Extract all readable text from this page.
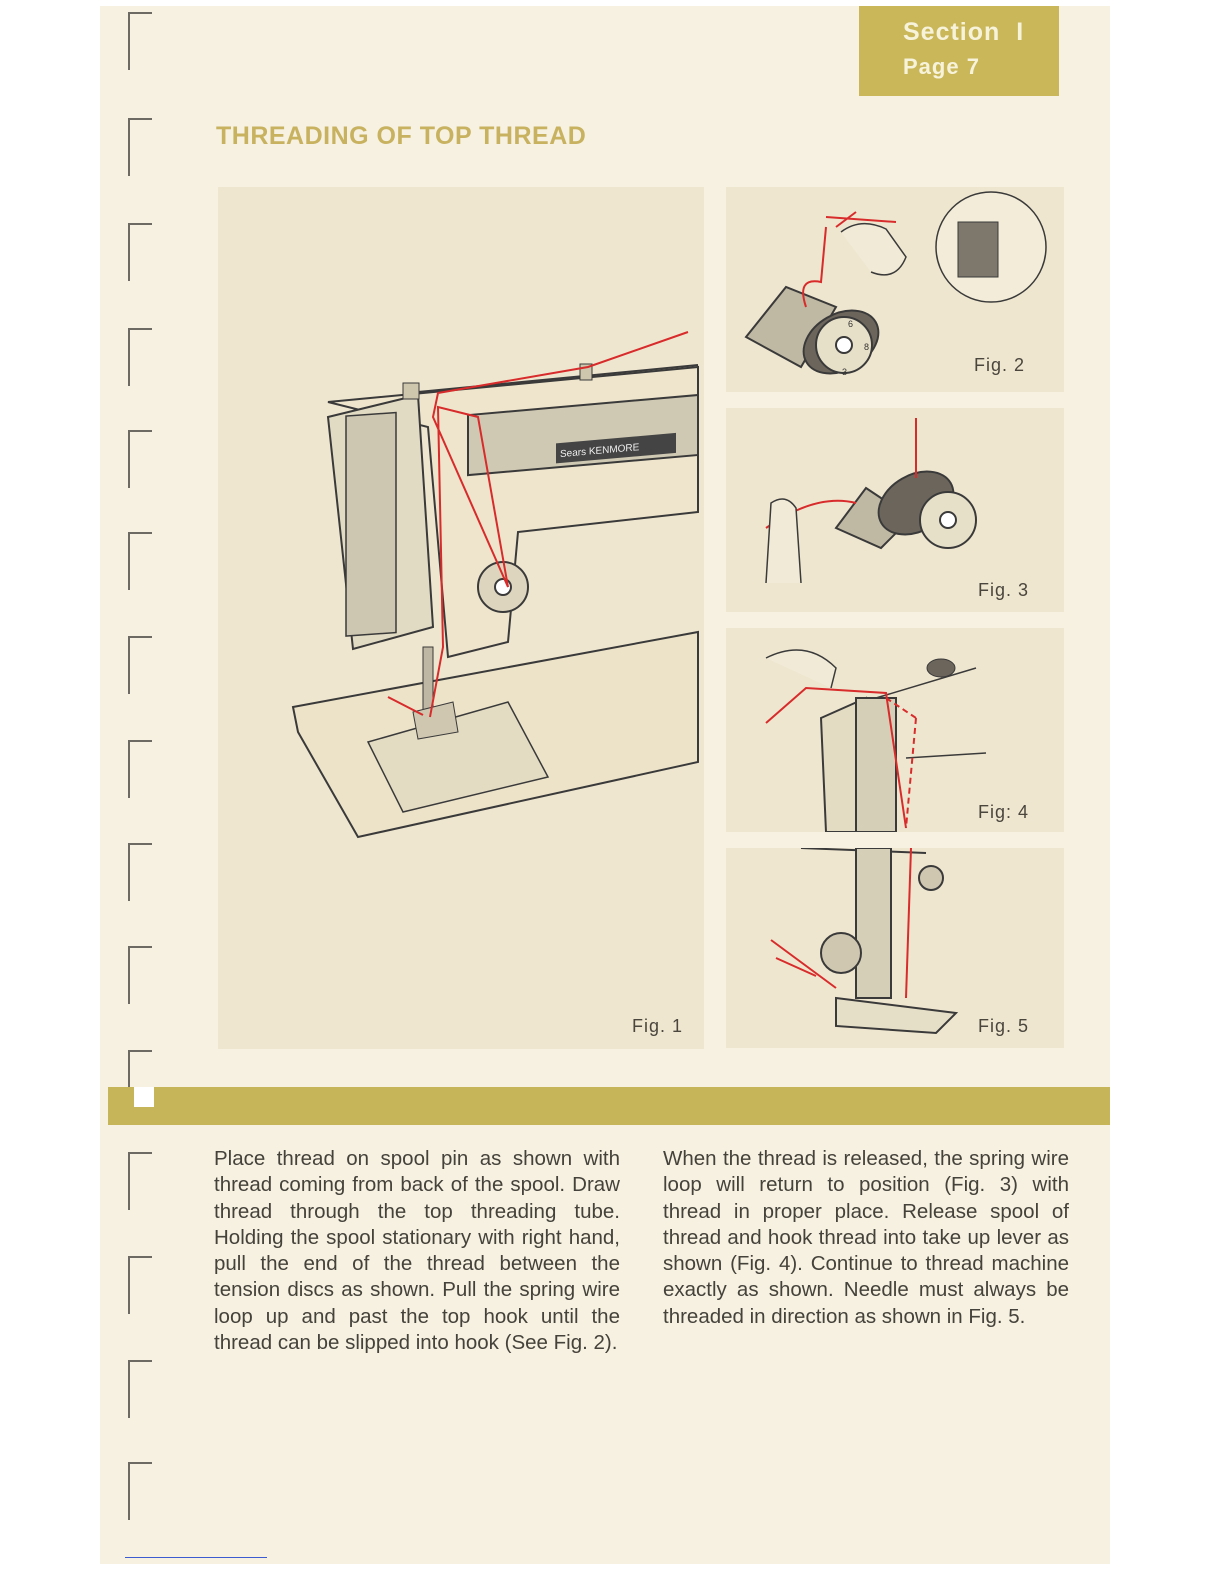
Section I
Page 7
THREADING OF TOP THREAD
Sears KENMORE
Fig. 1
6
8
3	Fig. 2
Fig. 3
Fig: 4
Fig. 5
Place thread on spool pin as shown with thread coming from back of the spool. Draw thread through the top threading tube. Holding the spool stationary with right hand, pull the end of the thread between the tension discs as shown. Pull the spring wire loop up and past the top hook until the thread can be slipped into hook (See Fig. 2).
When the thread is released, the spring wire loop will return to position (Fig. 3) with thread in proper place. Release spool of thread and hook thread into take up lever as shown (Fig. 4). Continue to thread machine exactly as shown. Needle must always be threaded in direction as shown in Fig. 5.
